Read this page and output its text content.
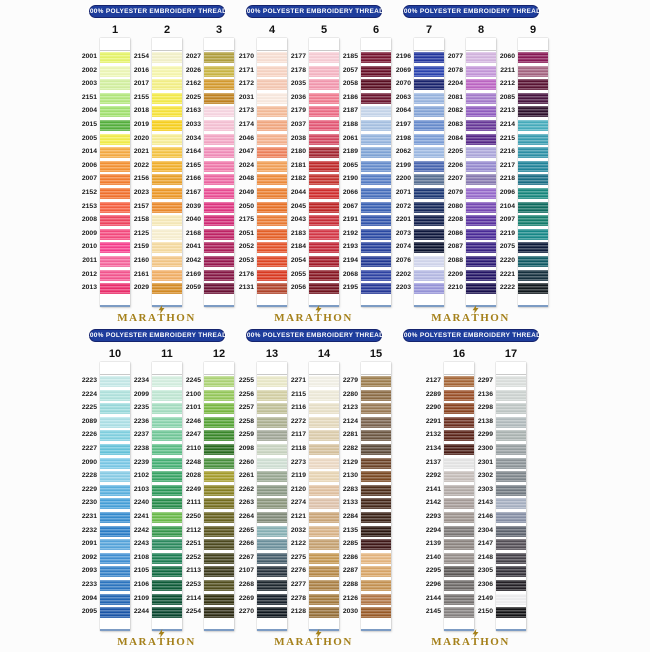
100% POLYESTER EMBROIDERY THREAD
1
2001
2002
2003
2151
2004
2015
2005
2014
2006
2007
2152
2153
2008
2009
2010
2011
2012
2013
2
2154
2016
2017
2155
2018
2019
2020
2021
2022
2156
2023
2157
2158
2125
2159
2160
2161
2029
3
2027
2026
2162
2025
2163
2033
2034
2164
2165
2166
2167
2039
2040
2168
2041
2042
2169
2059
MARAT
HON
100% POLYESTER EMBROIDERY THREAD
4
2170
2171
2172
2031
2173
2174
2046
2047
2024
2048
2049
2050
2175
2051
2052
2053
2176
2131
5
2177
2178
2035
2036
2179
2037
2038
2180
2181
2182
2044
2045
2043
2183
2184
2054
2055
2056
6
2185
2057
2058
2186
2187
2188
2061
2189
2065
2190
2066
2067
2191
2192
2193
2194
2068
2195
MARAT
HON
100% POLYESTER EMBROIDERY THREAD
7
2196
2069
2070
2063
2064
2197
2198
2062
2199
2200
2071
2072
2201
2073
2074
2076
2202
2203
8
2077
2078
2204
2081
2082
2083
2084
2205
2206
2207
2079
2080
2208
2086
2087
2088
2209
2210
9
2060
2211
2212
2085
2213
2214
2215
2216
2217
2218
2096
2104
2097
2219
2075
2220
2221
2222
MARAT
HON
100% POLYESTER EMBROIDERY THREAD
10
2223
2224
2225
2089
2226
2227
2090
2228
2229
2230
2231
2232
2091
2092
2093
2233
2094
2095
11
2234
2099
2235
2236
2237
2238
2239
2102
2103
2240
2241
2242
2243
2108
2105
2106
2109
2244
12
2245
2100
2101
2246
2247
2110
2248
2028
2249
2111
2250
2112
2251
2252
2113
2253
2114
2254
MARAT
HON
100% POLYESTER EMBROIDERY THREAD
13
2255
2256
2257
2258
2259
2098
2260
2261
2262
2263
2264
2265
2266
2267
2107
2268
2269
2270
14
2271
2115
2116
2272
2117
2118
2273
2119
2120
2274
2121
2032
2122
2275
2276
2277
2278
2128
15
2279
2280
2123
2124
2281
2282
2129
2130
2283
2133
2284
2135
2285
2286
2287
2288
2126
2030
MARAT
HON
100% POLYESTER EMBROIDERY THREAD
16
2127
2289
2290
2291
2132
2134
2137
2292
2141
2142
2293
2294
2139
2140
2295
2296
2144
2145
17
2297
2136
2298
2138
2299
2300
2301
2302
2303
2143
2146
2304
2147
2148
2305
2306
2149
2150
MARAT
HON
